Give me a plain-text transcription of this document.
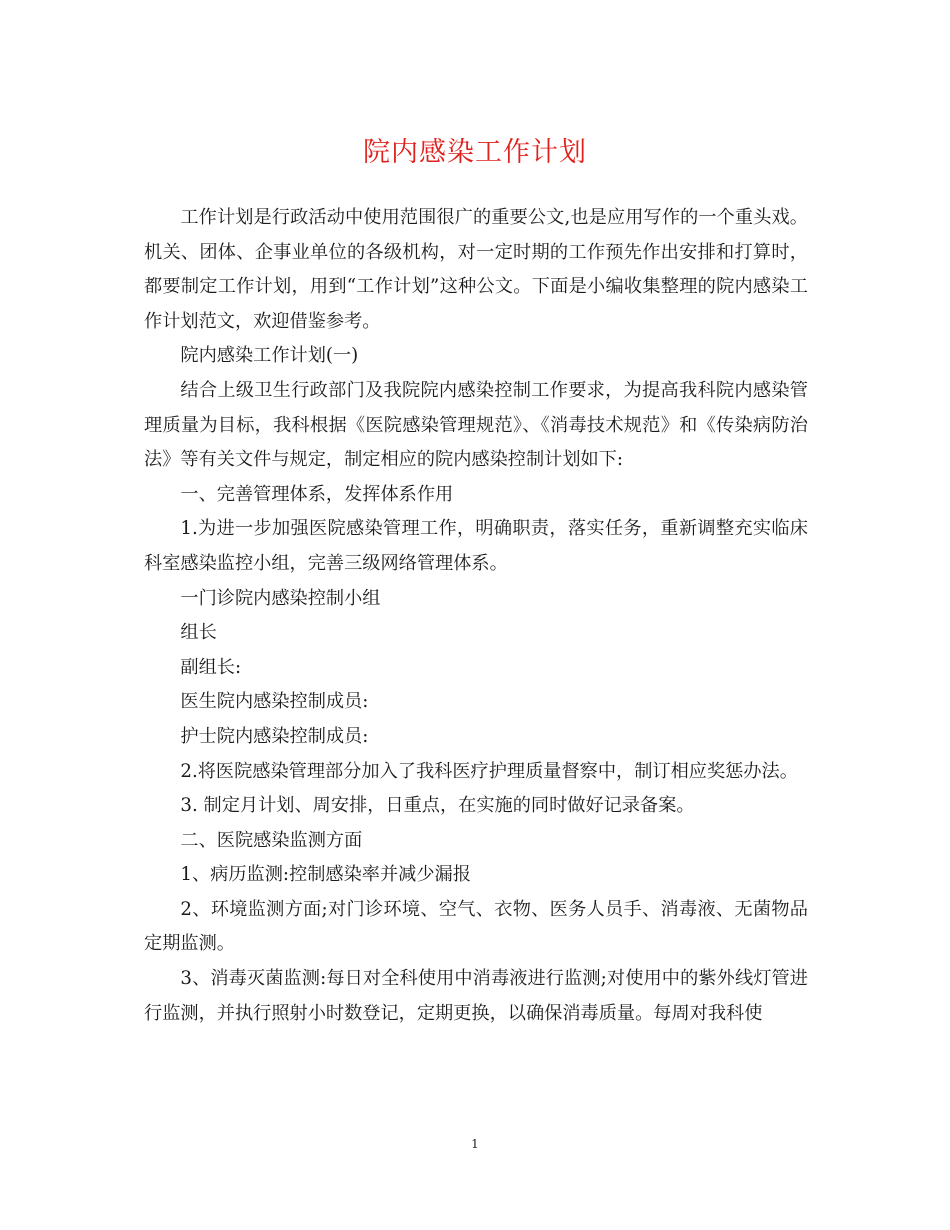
院内感染工作计划

工作计划是行政活动中使用范围很广的重要公文,也是应用写作的一个重头戏。机关、团体、企事业单位的各级机构，对一定时期的工作预先作出安排和打算时，都要制定工作计划，用到“工作计划”这种公文。下面是小编收集整理的院内感染工作计划范文，欢迎借鉴参考。

院内感染工作计划(一)

结合上级卫生行政部门及我院院内感染控制工作要求，为提高我科院内感染管理质量为目标，我科根据《医院感染管理规范》、《消毒技术规范》和《传染病防治法》等有关文件与规定，制定相应的院内感染控制计划如下:

一、完善管理体系，发挥体系作用

1.为进一步加强医院感染管理工作，明确职责，落实任务，重新调整充实临床科室感染监控小组，完善三级网络管理体系。

一门诊院内感染控制小组

组长

副组长:

医生院内感染控制成员:

护士院内感染控制成员:

2.将医院感染管理部分加入了我科医疗护理质量督察中，制订相应奖惩办法。

3. 制定月计划、周安排，日重点，在实施的同时做好记录备案。

二、医院感染监测方面

1、病历监测:控制感染率并减少漏报

2、环境监测方面;对门诊环境、空气、衣物、医务人员手、消毒液、无菌物品定期监测。

3、消毒灭菌监测:每日对全科使用中消毒液进行监测;对使用中的紫外线灯管进行监测，并执行照射小时数登记，定期更换，以确保消毒质量。每周对我科使

1
